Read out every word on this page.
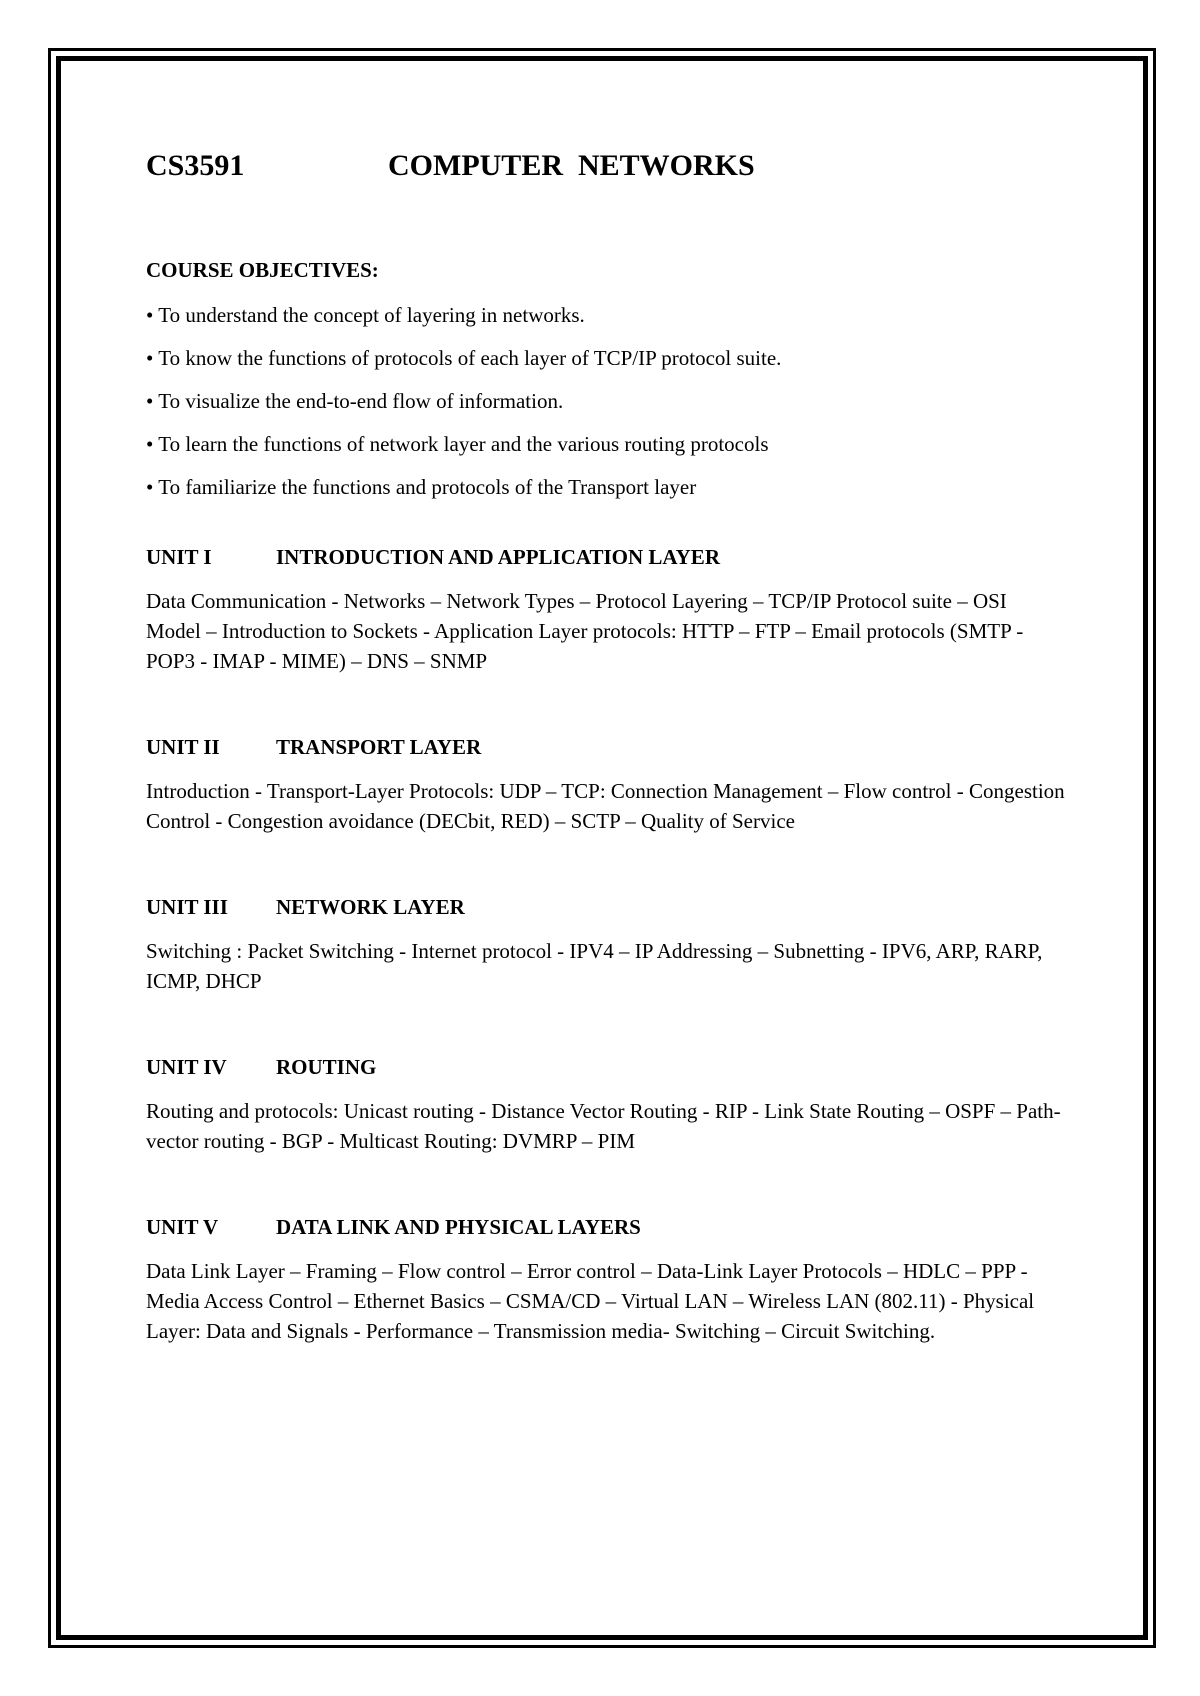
CS3591	COMPUTER  NETWORKS
COURSE OBJECTIVES:
• To understand the concept of layering in networks.
• To know the functions of protocols of each layer of TCP/IP protocol suite.
• To visualize the end-to-end flow of information.
• To learn the functions of network layer and the various routing protocols
• To familiarize the functions and protocols of the Transport layer
UNIT I	INTRODUCTION AND APPLICATION LAYER
Data Communication - Networks – Network Types – Protocol Layering – TCP/IP Protocol suite – OSI Model – Introduction to Sockets - Application Layer protocols: HTTP – FTP – Email protocols (SMTP - POP3 - IMAP - MIME) – DNS – SNMP
UNIT II	TRANSPORT LAYER
Introduction - Transport-Layer Protocols: UDP – TCP: Connection Management – Flow control - Congestion Control - Congestion avoidance (DECbit, RED) – SCTP – Quality of Service
UNIT III	NETWORK LAYER
Switching : Packet Switching - Internet protocol - IPV4 – IP Addressing – Subnetting - IPV6, ARP, RARP, ICMP, DHCP
UNIT IV	ROUTING
Routing and protocols: Unicast routing - Distance Vector Routing - RIP - Link State Routing – OSPF – Path-vector routing - BGP - Multicast Routing: DVMRP – PIM
UNIT V	DATA LINK AND PHYSICAL LAYERS
Data Link Layer – Framing – Flow control – Error control – Data-Link Layer Protocols – HDLC – PPP - Media Access Control – Ethernet Basics – CSMA/CD – Virtual LAN – Wireless LAN (802.11) - Physical Layer: Data and Signals - Performance – Transmission media- Switching – Circuit Switching.
